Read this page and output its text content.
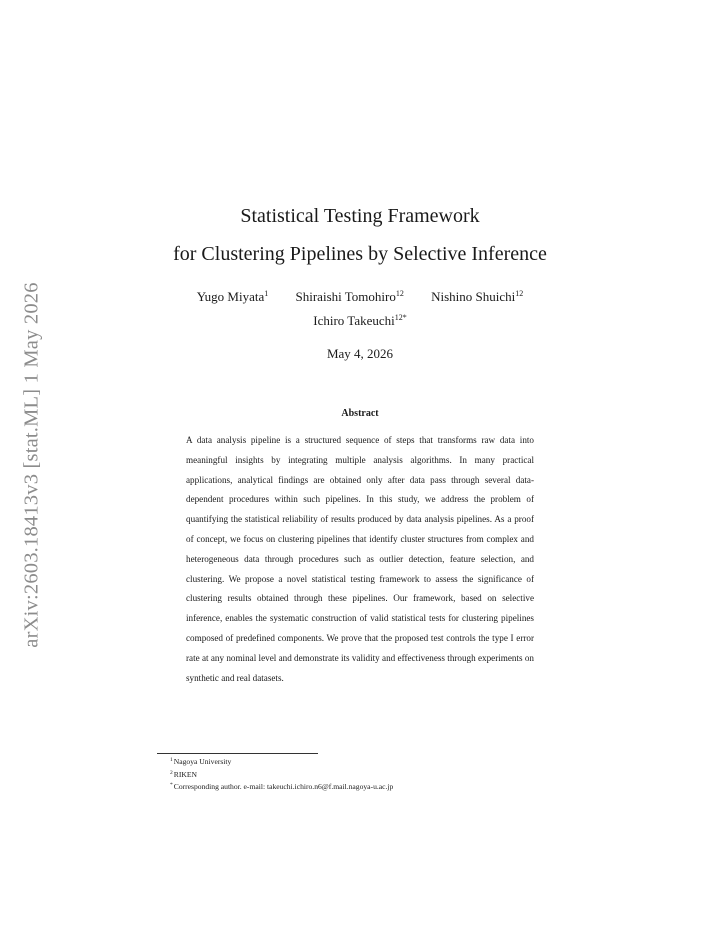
arXiv:2603.18413v3 [stat.ML] 1 May 2026
Statistical Testing Framework
for Clustering Pipelines by Selective Inference
Yugo Miyata$^1$ Shiraishi Tomohiro$^{12}$ Nishino Shuichi$^{12}$
Ichiro Takeuchi$^{12*}$
May 4, 2026
Abstract

A data analysis pipeline is a structured sequence of steps that transforms raw data into meaningful insights by integrating multiple analysis algorithms. In many practical applications, analytical findings are obtained only after data pass through several data-dependent procedures within such pipelines. In this study, we address the problem of quantifying the statistical reliability of results produced by data analysis pipelines. As a proof of concept, we focus on clustering pipelines that identify cluster structures from complex and heterogeneous data through procedures such as outlier detection, feature selection, and clustering. We propose a novel statistical testing framework to assess the significance of clustering results obtained through these pipelines. Our framework, based on selective inference, enables the systematic construction of valid statistical tests for clustering pipelines composed of predefined components. We prove that the proposed test controls the type I error rate at any nominal level and demonstrate its validity and effectiveness through experiments on synthetic and real datasets.

$^1$Nagoya University
$^2$RIKEN
*Corresponding author. e-mail: takeuchi.ichiro.n6@f.mail.nagoya-u.ac.jp
